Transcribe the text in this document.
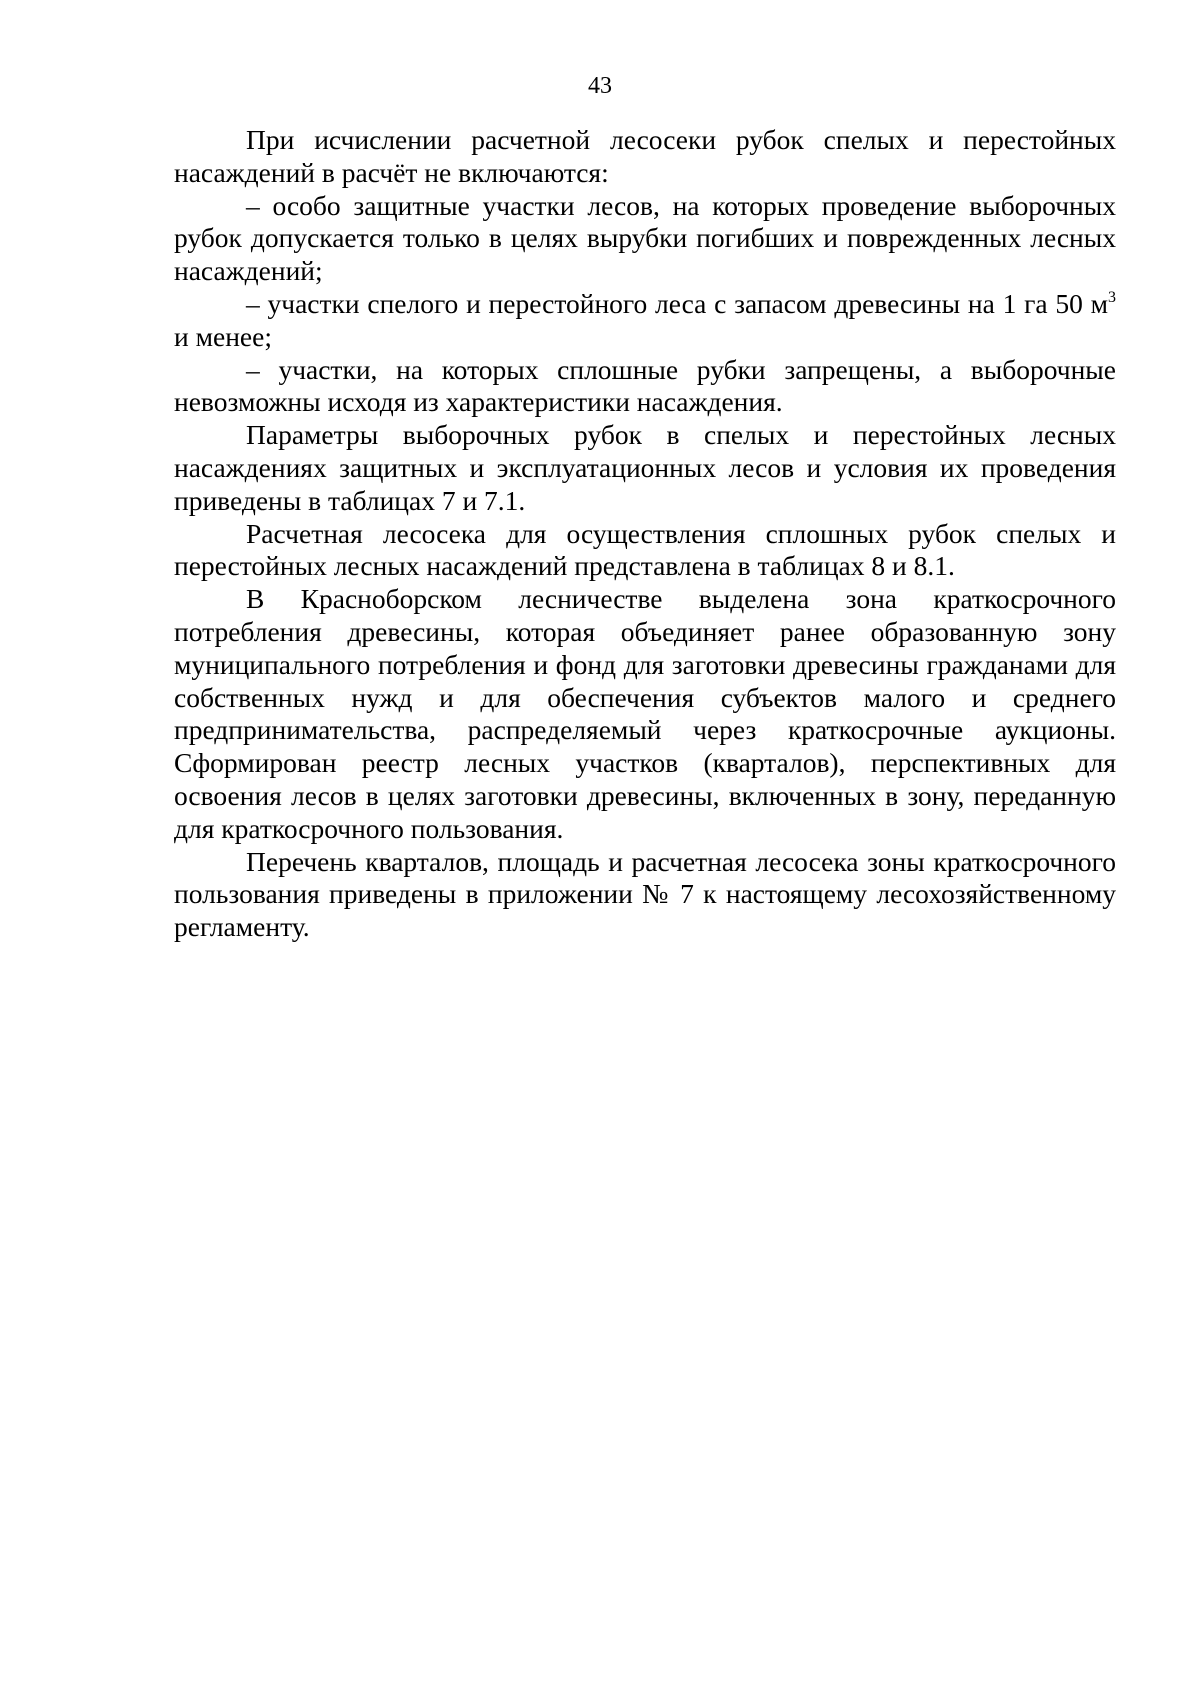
43

При исчислении расчетной лесосеки рубок спелых и перестойных насаждений в расчёт не включаются:

– особо защитные участки лесов, на которых проведение выборочных рубок допускается только в целях вырубки погибших и поврежденных лесных насаждений;

– участки спелого и перестойного леса с запасом древесины на 1 га 50 $м^3$ и менее;

– участки, на которых сплошные рубки запрещены, а выборочные невозможны исходя из характеристики насаждения.

Параметры выборочных рубок в спелых и перестойных лесных насаждениях защитных и эксплуатационных лесов и условия их проведения приведены в таблицах 7 и 7.1.

Расчетная лесосека для осуществления сплошных рубок спелых и перестойных лесных насаждений представлена в таблицах 8 и 8.1.

В Красноборском лесничестве выделена зона краткосрочного потребления древесины, которая объединяет ранее образованную зону муниципального потребления и фонд для заготовки древесины гражданами для собственных нужд и для обеспечения субъектов малого и среднего предпринимательства, распределяемый через краткосрочные аукционы. Сформирован реестр лесных участков (кварталов), перспективных для освоения лесов в целях заготовки древесины, включенных в зону, переданную для краткосрочного пользования.

Перечень кварталов, площадь и расчетная лесосека зоны краткосрочного пользования приведены в приложении № 7 к настоящему лесохозяйственному регламенту.
